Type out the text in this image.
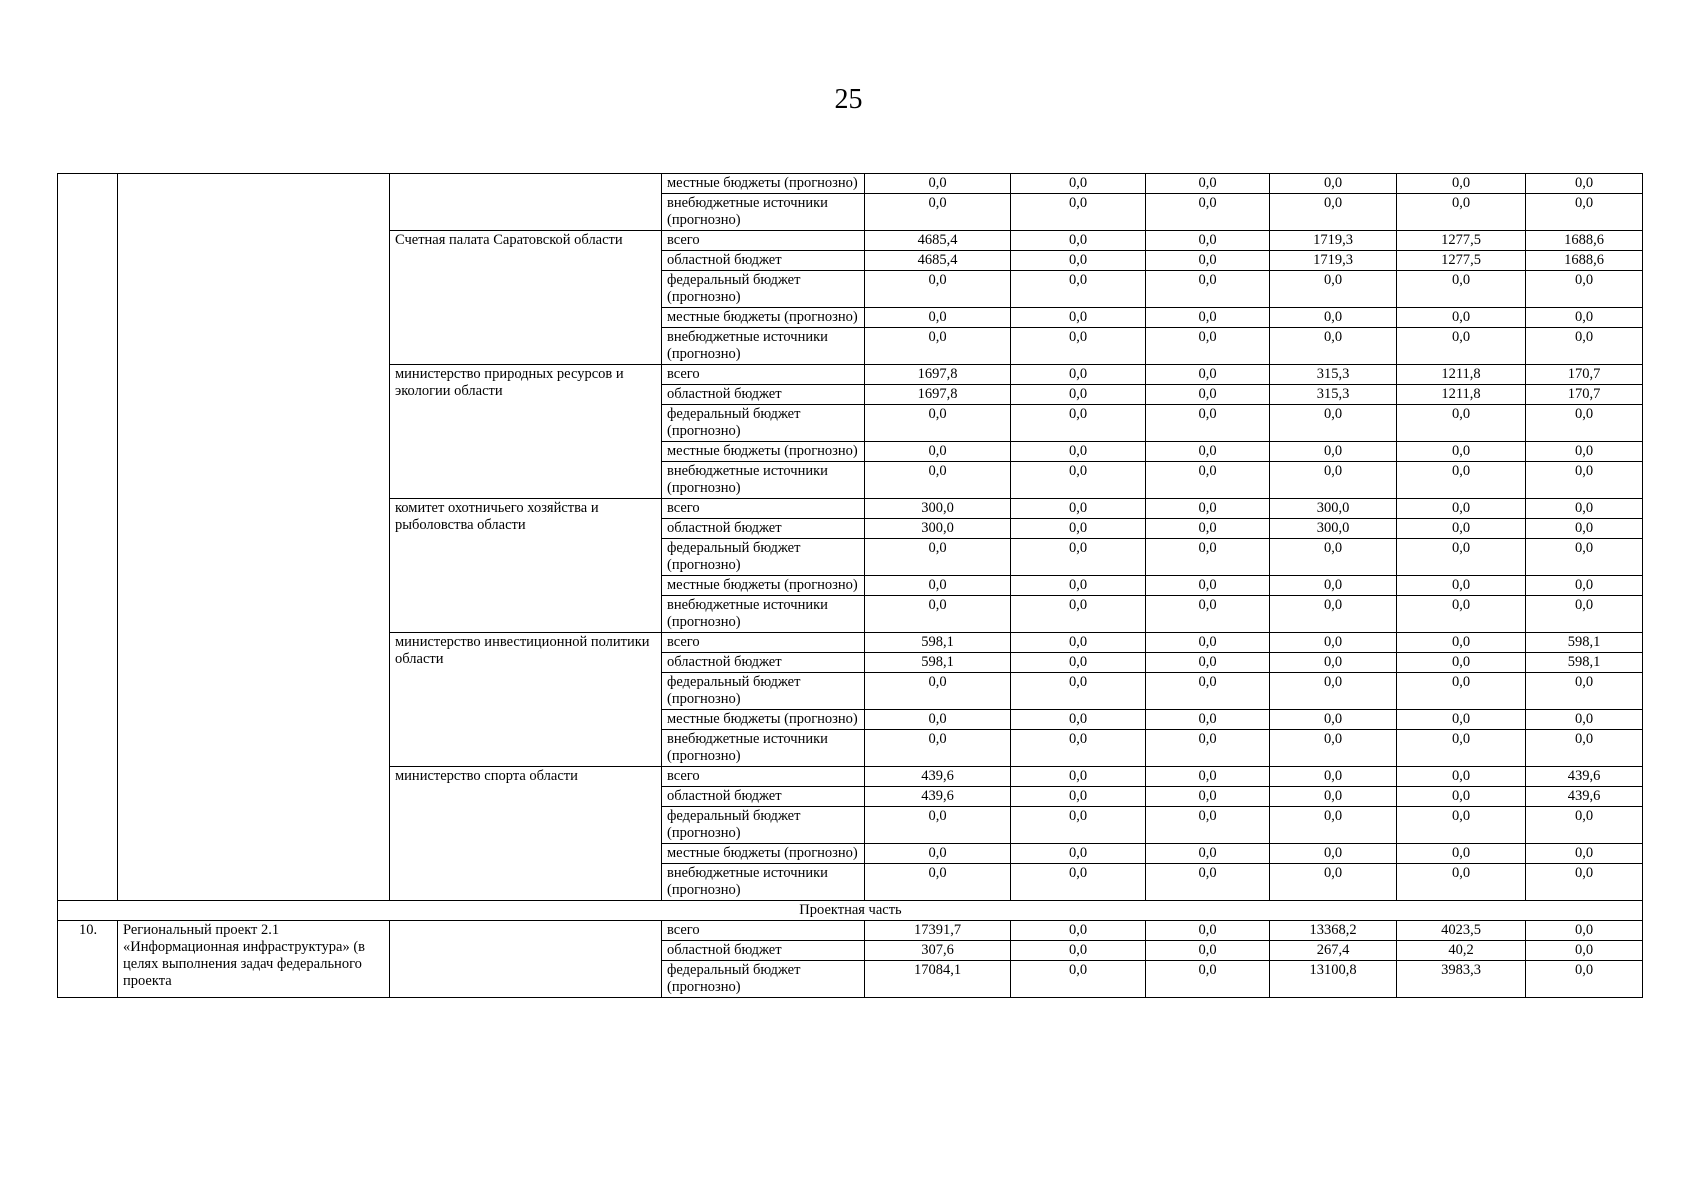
25
			местные бюджеты (прогнозно)	0,0	0,0	0,0	0,0	0,0	0,0
			внебюджетные источники (прогнозно)	0,0	0,0	0,0	0,0	0,0	0,0
		Счетная палата Саратовской области	всего	4685,4	0,0	0,0	1719,3	1277,5	1688,6
			областной бюджет	4685,4	0,0	0,0	1719,3	1277,5	1688,6
			федеральный бюджет (прогнозно)	0,0	0,0	0,0	0,0	0,0	0,0
			местные бюджеты (прогнозно)	0,0	0,0	0,0	0,0	0,0	0,0
			внебюджетные источники (прогнозно)	0,0	0,0	0,0	0,0	0,0	0,0
		министерство природных ресурсов и экологии области	всего	1697,8	0,0	0,0	315,3	1211,8	170,7
			областной бюджет	1697,8	0,0	0,0	315,3	1211,8	170,7
			федеральный бюджет (прогнозно)	0,0	0,0	0,0	0,0	0,0	0,0
			местные бюджеты (прогнозно)	0,0	0,0	0,0	0,0	0,0	0,0
			внебюджетные источники (прогнозно)	0,0	0,0	0,0	0,0	0,0	0,0
		комитет охотничьего хозяйства и рыболовства области	всего	300,0	0,0	0,0	300,0	0,0	0,0
			областной бюджет	300,0	0,0	0,0	300,0	0,0	0,0
			федеральный бюджет (прогнозно)	0,0	0,0	0,0	0,0	0,0	0,0
			местные бюджеты (прогнозно)	0,0	0,0	0,0	0,0	0,0	0,0
			внебюджетные источники (прогнозно)	0,0	0,0	0,0	0,0	0,0	0,0
		министерство инвестиционной политики области	всего	598,1	0,0	0,0	0,0	0,0	598,1
			областной бюджет	598,1	0,0	0,0	0,0	0,0	598,1
			федеральный бюджет (прогнозно)	0,0	0,0	0,0	0,0	0,0	0,0
			местные бюджеты (прогнозно)	0,0	0,0	0,0	0,0	0,0	0,0
			внебюджетные источники (прогнозно)	0,0	0,0	0,0	0,0	0,0	0,0
		министерство спорта области	всего	439,6	0,0	0,0	0,0	0,0	439,6
			областной бюджет	439,6	0,0	0,0	0,0	0,0	439,6
			федеральный бюджет (прогнозно)	0,0	0,0	0,0	0,0	0,0	0,0
			местные бюджеты (прогнозно)	0,0	0,0	0,0	0,0	0,0	0,0
			внебюджетные источники (прогнозно)	0,0	0,0	0,0	0,0	0,0	0,0
Проектная часть									
10.	Региональный проект 2.1 «Информационная инфраструктура» (в целях выполнения задач федерального проекта		всего	17391,7	0,0	0,0	13368,2	4023,5	0,0
			областной бюджет	307,6	0,0	0,0	267,4	40,2	0,0
			федеральный бюджет (прогнозно)	17084,1	0,0	0,0	13100,8	3983,3	0,0
